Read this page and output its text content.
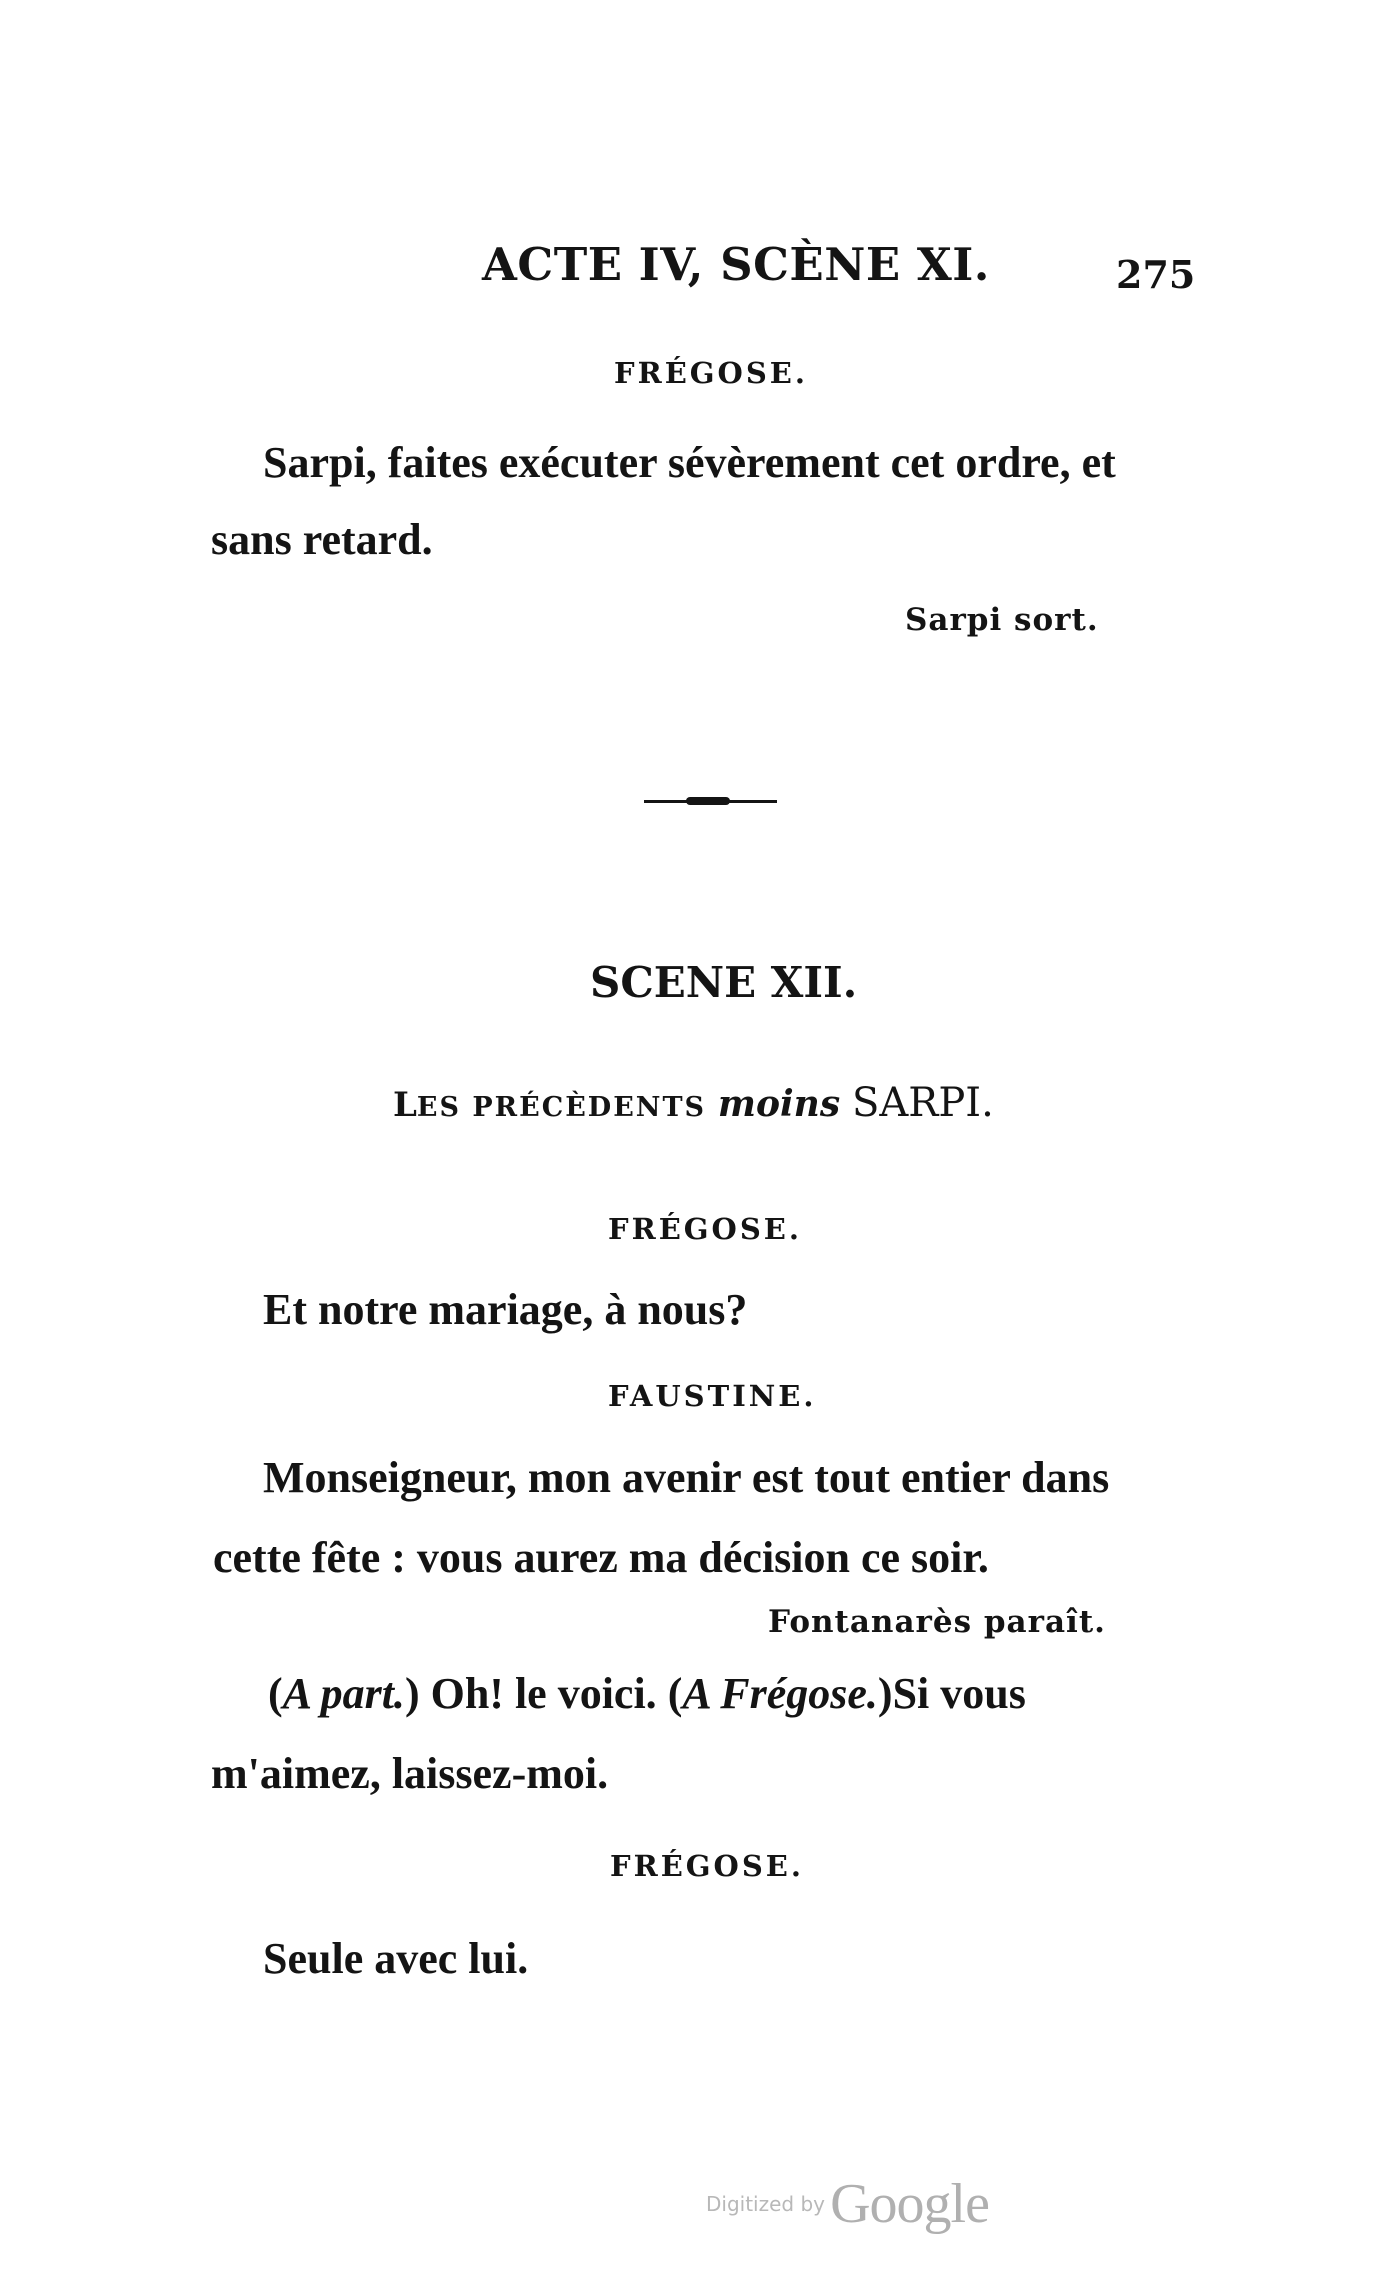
ACTE IV, SCÈNE XI.	275
FRÉGOSE.
Sarpi, faites exécuter sévèrement cet ordre, et
sans retard.
Sarpi sort.
SCENE XII.
LES PRÉCÈDENTS moins SARPI.
FRÉGOSE.
Et notre mariage, à nous?
FAUSTINE.
Monseigneur, mon avenir est tout entier dans
cette fête : vous aurez ma décision ce soir.
Fontanarès paraît.
(A part.) Oh! le voici. (A Frégose.)Si vous
m'aimez, laissez-moi.
FRÉGOSE.
Seule avec lui.
Digitized by Google
